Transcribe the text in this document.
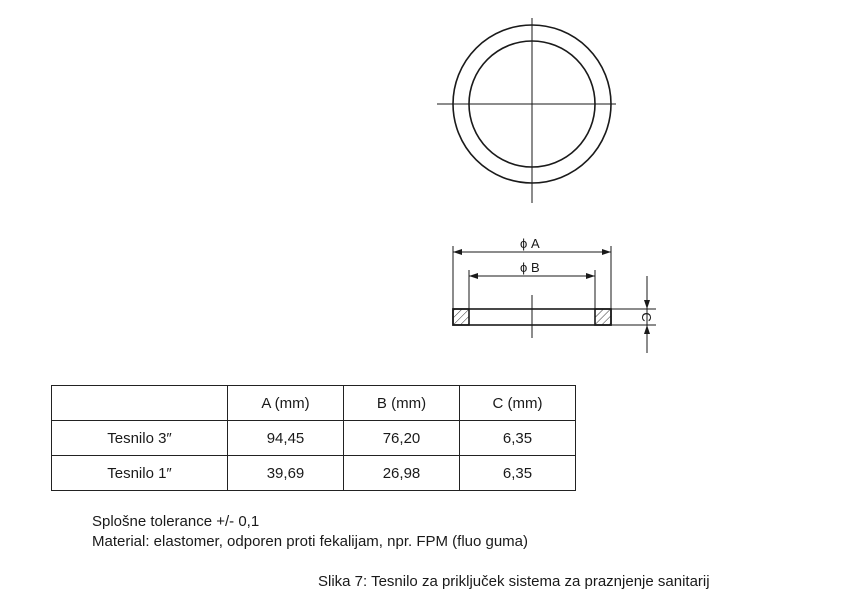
ϕ A
ϕ B
C
	A (mm)	B (mm)	C (mm)
Tesnilo 3″	94,45	76,20	6,35
Tesnilo 1″	39,69	26,98	6,35
Splošne tolerance +/- 0,1
Material: elastomer, odporen proti fekalijam, npr. FPM (fluo guma)
Slika 7: Tesnilo za priključek sistema za praznjenje sanitarij
